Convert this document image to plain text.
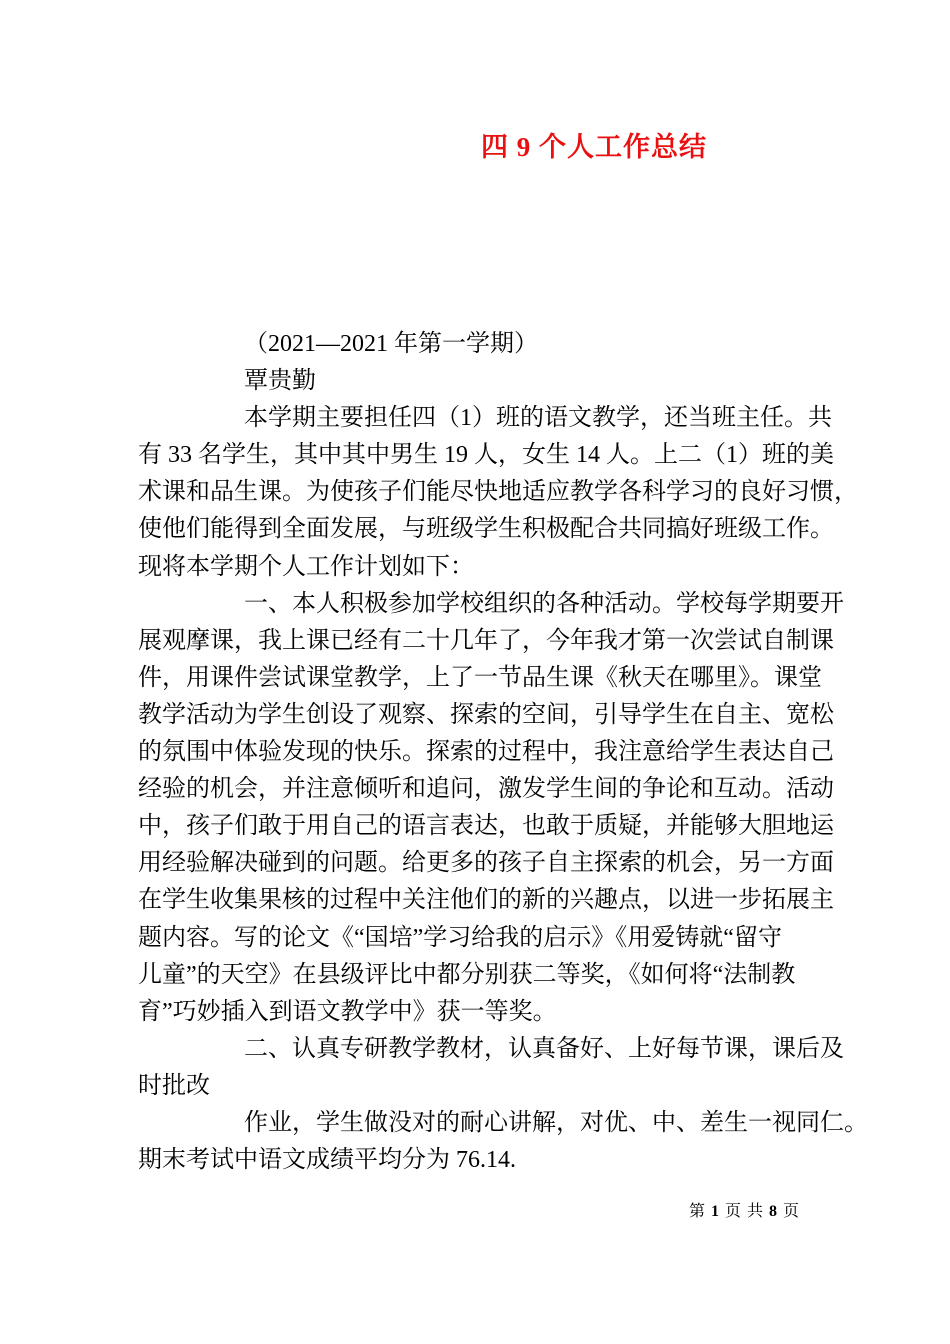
四 9 个人工作总结
（2021—2021 年第一学期）
覃贵勤
本学期主要担任四（1）班的语文教学，还当班主任。共
有 33 名学生，其中其中男生 19 人，女生 14 人。上二（1）班的美
术课和品生课。为使孩子们能尽快地适应教学各科学习的良好习惯，
使他们能得到全面发展，与班级学生积极配合共同搞好班级工作。
现将本学期个人工作计划如下：
一、本人积极参加学校组织的各种活动。学校每学期要开
展观摩课，我上课已经有二十几年了，今年我才第一次尝试自制课
件，用课件尝试课堂教学，上了一节品生课《秋天在哪里》。课堂
教学活动为学生创设了观察、探索的空间，引导学生在自主、宽松
的氛围中体验发现的快乐。探索的过程中，我注意给学生表达自己
经验的机会，并注意倾听和追问，激发学生间的争论和互动。活动
中，孩子们敢于用自己的语言表达，也敢于质疑，并能够大胆地运
用经验解决碰到的问题。给更多的孩子自主探索的机会，另一方面
在学生收集果核的过程中关注他们的新的兴趣点，以进一步拓展主
题内容。写的论文《“国培”学习给我的启示》《用爱铸就“留守
儿童”的天空》在县级评比中都分别获二等奖，《如何将“法制教
育”巧妙插入到语文教学中》获一等奖。
二、认真专研教学教材，认真备好、上好每节课，课后及
时批改
作业，学生做没对的耐心讲解，对优、中、差生一视同仁。
期末考试中语文成绩平均分为 76.14.
第 1 页 共 8 页
